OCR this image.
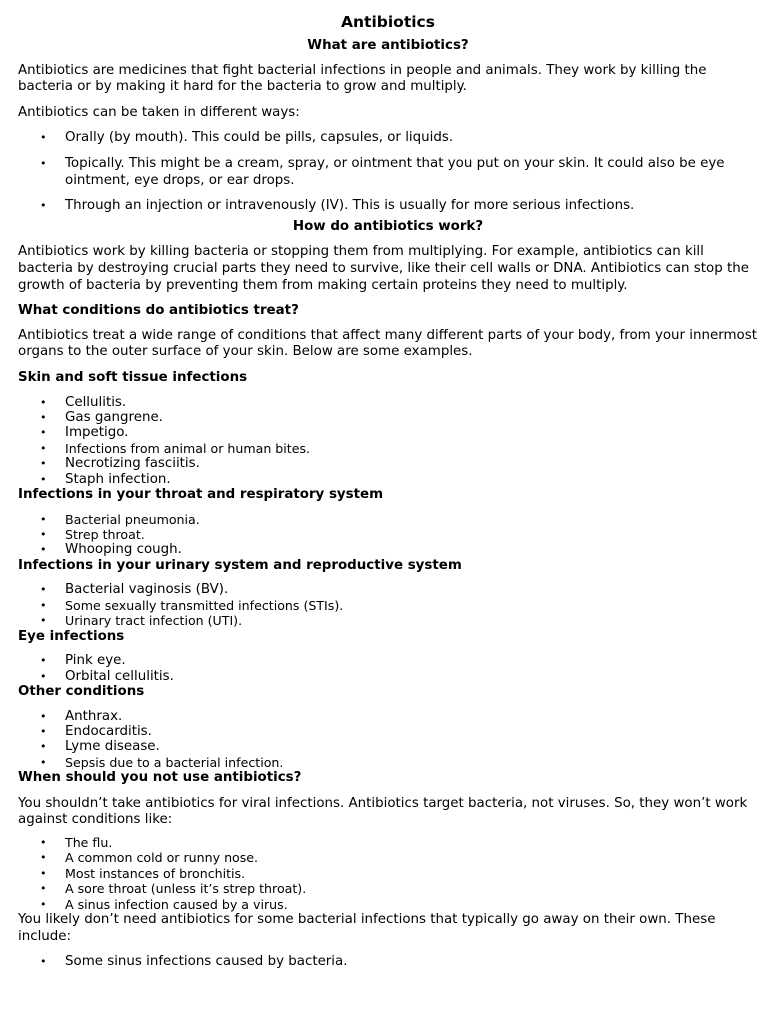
Antibiotics
What are antibiotics?

Antibiotics are medicines that fight bacterial infections in people and animals. They work by killing the bacteria or by making it hard for the bacteria to grow and multiply.

Antibiotics can be taken in different ways:

• Orally (by mouth). This could be pills, capsules, or liquids.
• Topically. This might be a cream, spray, or ointment that you put on your skin. It could also be eye ointment, eye drops, or ear drops.
• Through an injection or intravenously (IV). This is usually for more serious infections.
How do antibiotics work?

Antibiotics work by killing bacteria or stopping them from multiplying. For example, antibiotics can kill bacteria by destroying crucial parts they need to survive, like their cell walls or DNA. Antibiotics can stop the growth of bacteria by preventing them from making certain proteins they need to multiply.

What conditions do antibiotics treat?

Antibiotics treat a wide range of conditions that affect many different parts of your body, from your innermost organs to the outer surface of your skin. Below are some examples.

Skin and soft tissue infections
• Cellulitis.
• Gas gangrene.
• Impetigo.
• Infections from animal or human bites.
• Necrotizing fasciitis.
• Staph infection.
Infections in your throat and respiratory system
• Bacterial pneumonia.
• Strep throat.
• Whooping cough.
Infections in your urinary system and reproductive system
• Bacterial vaginosis (BV).
• Some sexually transmitted infections (STIs).
• Urinary tract infection (UTI).
Eye infections
• Pink eye.
• Orbital cellulitis.
Other conditions
• Anthrax.
• Endocarditis.
• Lyme disease.
• Sepsis due to a bacterial infection.
When should you not use antibiotics?

You shouldn’t take antibiotics for viral infections. Antibiotics target bacteria, not viruses. So, they won’t work against conditions like:

• The flu.
• A common cold or runny nose.
• Most instances of bronchitis.
• A sore throat (unless it’s strep throat).
• A sinus infection caused by a virus.

You likely don’t need antibiotics for some bacterial infections that typically go away on their own. These include:

• Some sinus infections caused by bacteria.
